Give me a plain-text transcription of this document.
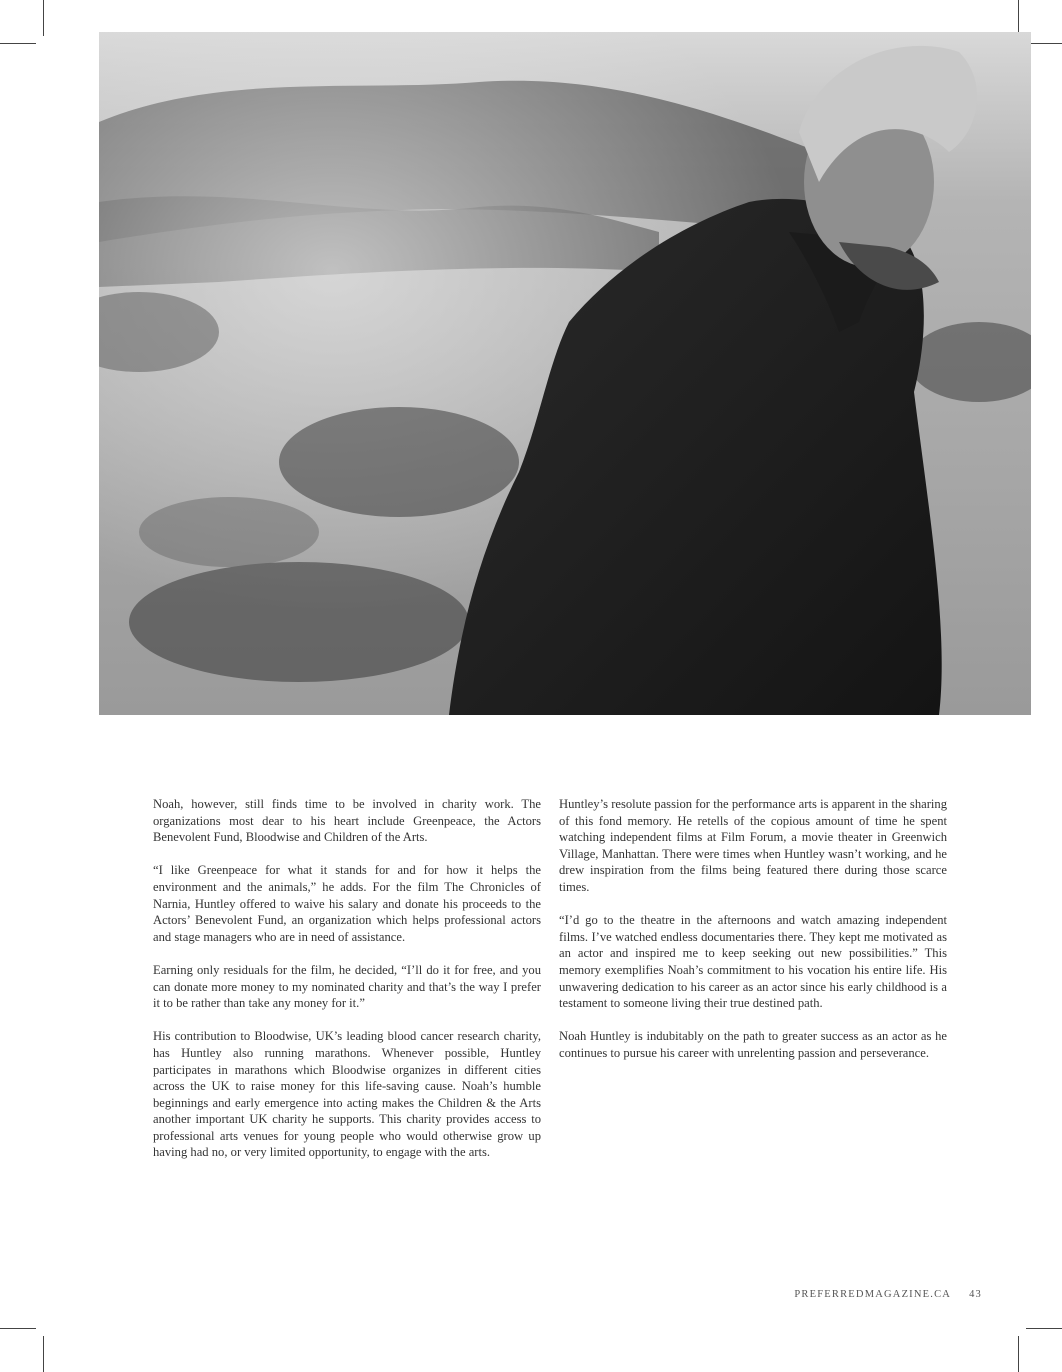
Noah, however, still finds time to be involved in charity work. The organizations most dear to his heart include Greenpeace, the Actors Benevolent Fund, Bloodwise and Children of the Arts.

“I like Greenpeace for what it stands for and for how it helps the environment and the animals,” he adds. For the film The Chronicles of Narnia, Huntley offered to waive his salary and donate his proceeds to the Actors’ Benevolent Fund, an organization which helps professional actors and stage managers who are in need of assistance.

Earning only residuals for the film, he decided, “I’ll do it for free, and you can donate more money to my nominated charity and that’s the way I prefer it to be rather than take any money for it.”

His contribution to Bloodwise, UK’s leading blood cancer research charity, has Huntley also running marathons. Whenever possible, Huntley participates in marathons which Bloodwise organizes in different cities across the UK to raise money for this life-saving cause. Noah’s humble beginnings and early emergence into acting makes the Children & the Arts another important UK charity he supports. This charity provides access to professional arts venues for young people who would otherwise grow up having had no, or very limited opportunity, to engage with the arts.

Huntley’s resolute passion for the performance arts is apparent in the sharing of this fond memory. He retells of the copious amount of time he spent watching independent films at Film Forum, a movie theater in Greenwich Village, Manhattan. There were times when Huntley wasn’t working, and he drew inspiration from the films being featured there during those scarce times.

“I’d go to the theatre in the afternoons and watch amazing independent films. I’ve watched endless documentaries there. They kept me motivated as an actor and inspired me to keep seeking out new possibilities.” This memory exemplifies Noah’s commitment to his vocation his entire life. His unwavering dedication to his career as an actor since his early childhood is a testament to someone living their true destined path.

Noah Huntley is indubitably on the path to greater success as an actor as he continues to pursue his career with unrelenting passion and perseverance.

PREFERREDMAGAZINE.CA 43
